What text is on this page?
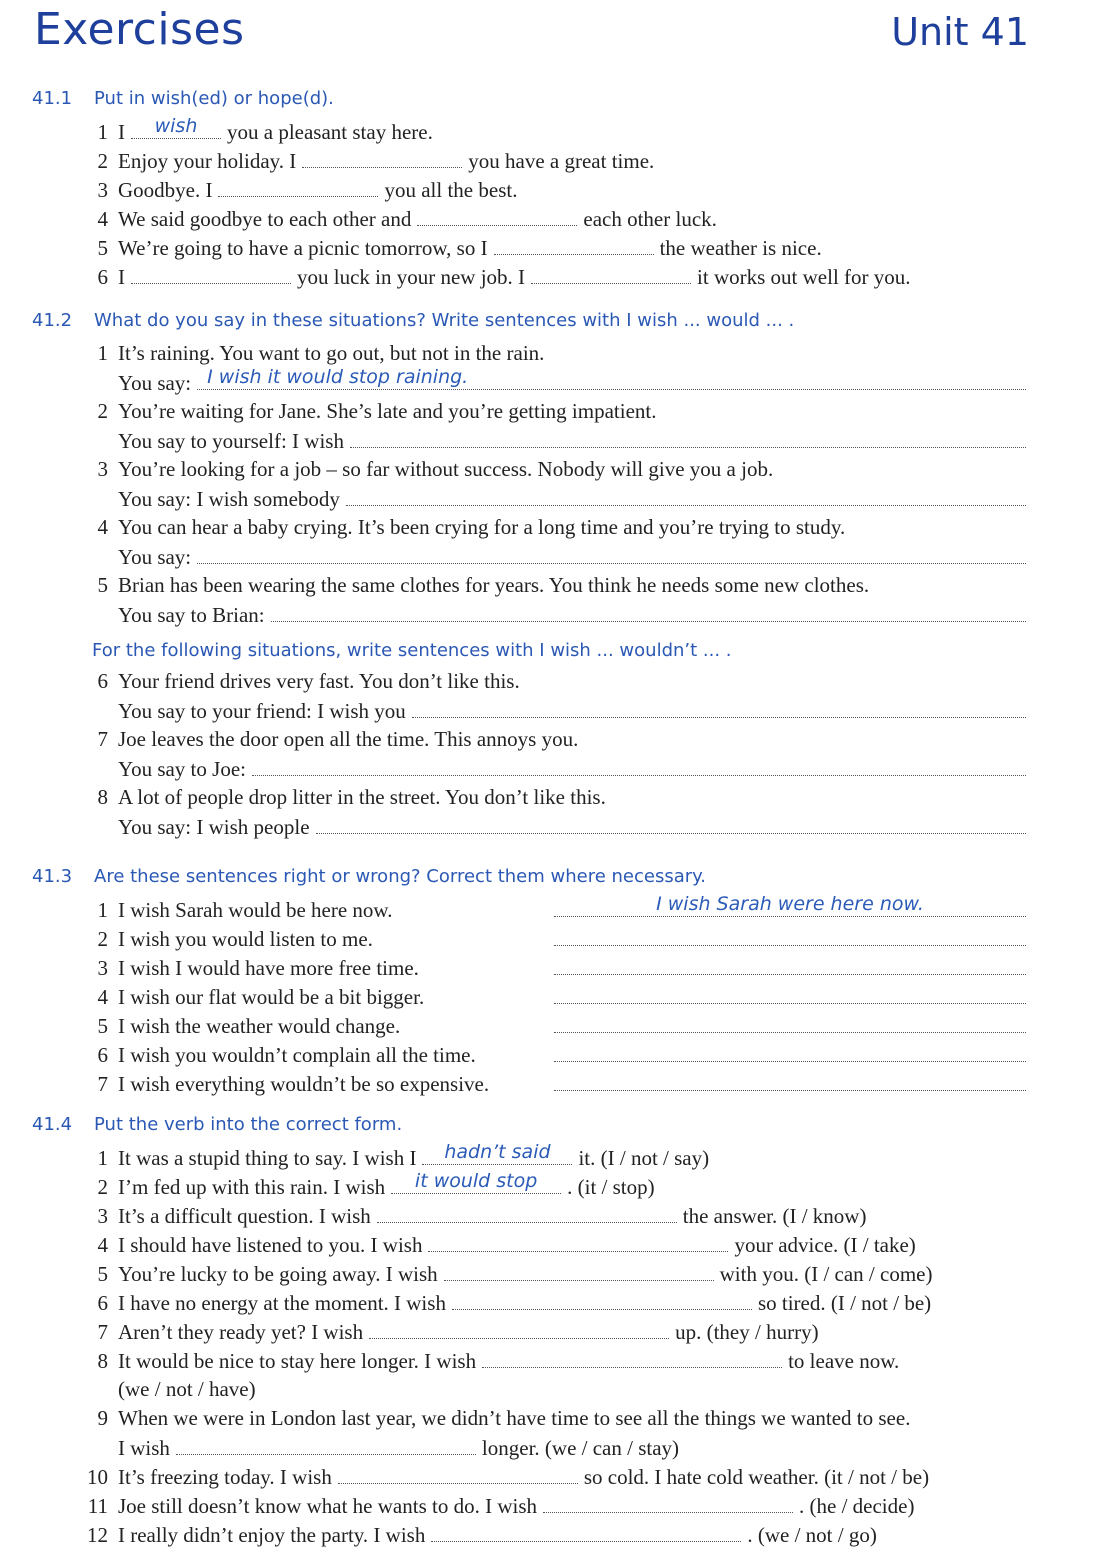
Exercises	Unit 41
41.1 Put in wish(ed) or hope(d).
1 I	wish	you a pleasant stay here.
2 Enjoy your holiday. I	you have a great time.
3 Goodbye. I	you all the best.
4 We said goodbye to each other and	each other luck.
5 We’re going to have a picnic tomorrow, so I	the weather is nice.
6 I	you luck in your new job. I	it works out well for you.
41.2 What do you say in these situations? Write sentences with I wish ... would ... .
1 It’s raining. You want to go out, but not in the rain.
You say: I wish it would stop raining.
2 You’re waiting for Jane. She’s late and you’re getting impatient.
You say to yourself: I wish
3 You’re looking for a job – so far without success. Nobody will give you a job.
You say: I wish somebody
4 You can hear a baby crying. It’s been crying for a long time and you’re trying to study.
You say:
5 Brian has been wearing the same clothes for years. You think he needs some new clothes.
You say to Brian:
For the following situations, write sentences with I wish ... wouldn’t ... .
6 Your friend drives very fast. You don’t like this.
You say to your friend: I wish you
7 Joe leaves the door open all the time. This annoys you.
You say to Joe:
8 A lot of people drop litter in the street. You don’t like this.
You say: I wish people
41.3 Are these sentences right or wrong? Correct them where necessary.
1 I wish Sarah would be here now.	I wish Sarah were here now.
2 I wish you would listen to me.
3 I wish I would have more free time.
4 I wish our flat would be a bit bigger.
5 I wish the weather would change.
6 I wish you wouldn’t complain all the time.
7 I wish everything wouldn’t be so expensive.
41.4 Put the verb into the correct form.
1 It was a stupid thing to say. I wish I	hadn’t said	it. (I / not / say)
2 I’m fed up with this rain. I wish	it would stop	. (it / stop)
3 It’s a difficult question. I wish	the answer. (I / know)
4 I should have listened to you. I wish	your advice. (I / take)
5 You’re lucky to be going away. I wish	with you. (I / can / come)
6 I have no energy at the moment. I wish	so tired. (I / not / be)
7 Aren’t they ready yet? I wish	up. (they / hurry)
8 It would be nice to stay here longer. I wish	to leave now.
(we / not / have)
9 When we were in London last year, we didn’t have time to see all the things we wanted to see.
I wish	longer. (we / can / stay)
10 It’s freezing today. I wish	so cold. I hate cold weather. (it / not / be)
11 Joe still doesn’t know what he wants to do. I wish	. (he / decide)
12 I really didn’t enjoy the party. I wish	. (we / not / go)
